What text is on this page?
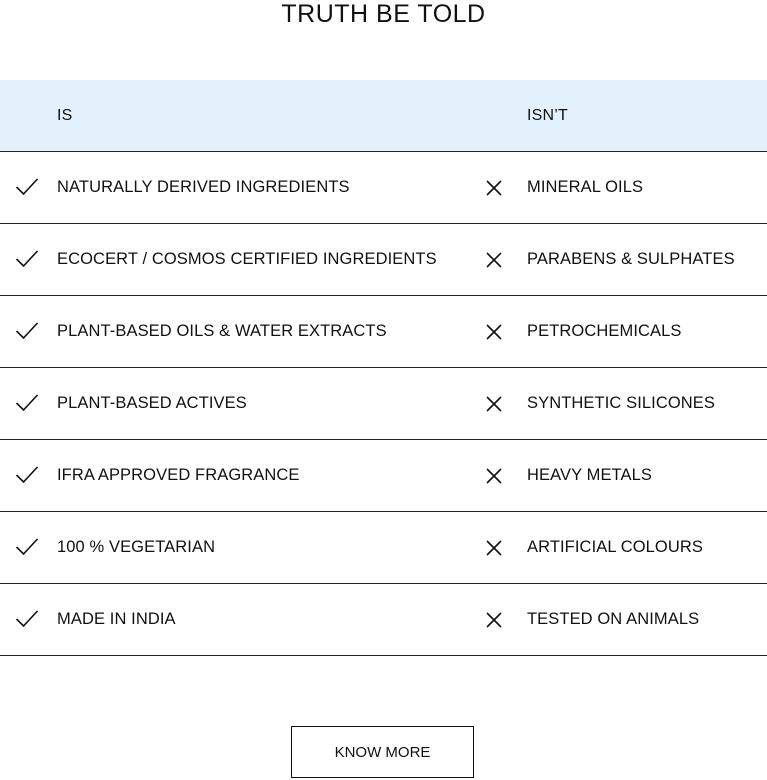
TRUTH BE TOLD
IS	ISN’T
NATURALLY DERIVED INGREDIENTS	MINERAL OILS
ECOCERT / COSMOS CERTIFIED INGREDIENTS	PARABENS & SULPHATES
PLANT-BASED OILS & WATER EXTRACTS	PETROCHEMICALS
PLANT-BASED ACTIVES	SYNTHETIC SILICONES
IFRA APPROVED FRAGRANCE	HEAVY METALS
100 % VEGETARIAN	ARTIFICIAL COLOURS
MADE IN INDIA	TESTED ON ANIMALS
KNOW MORE
